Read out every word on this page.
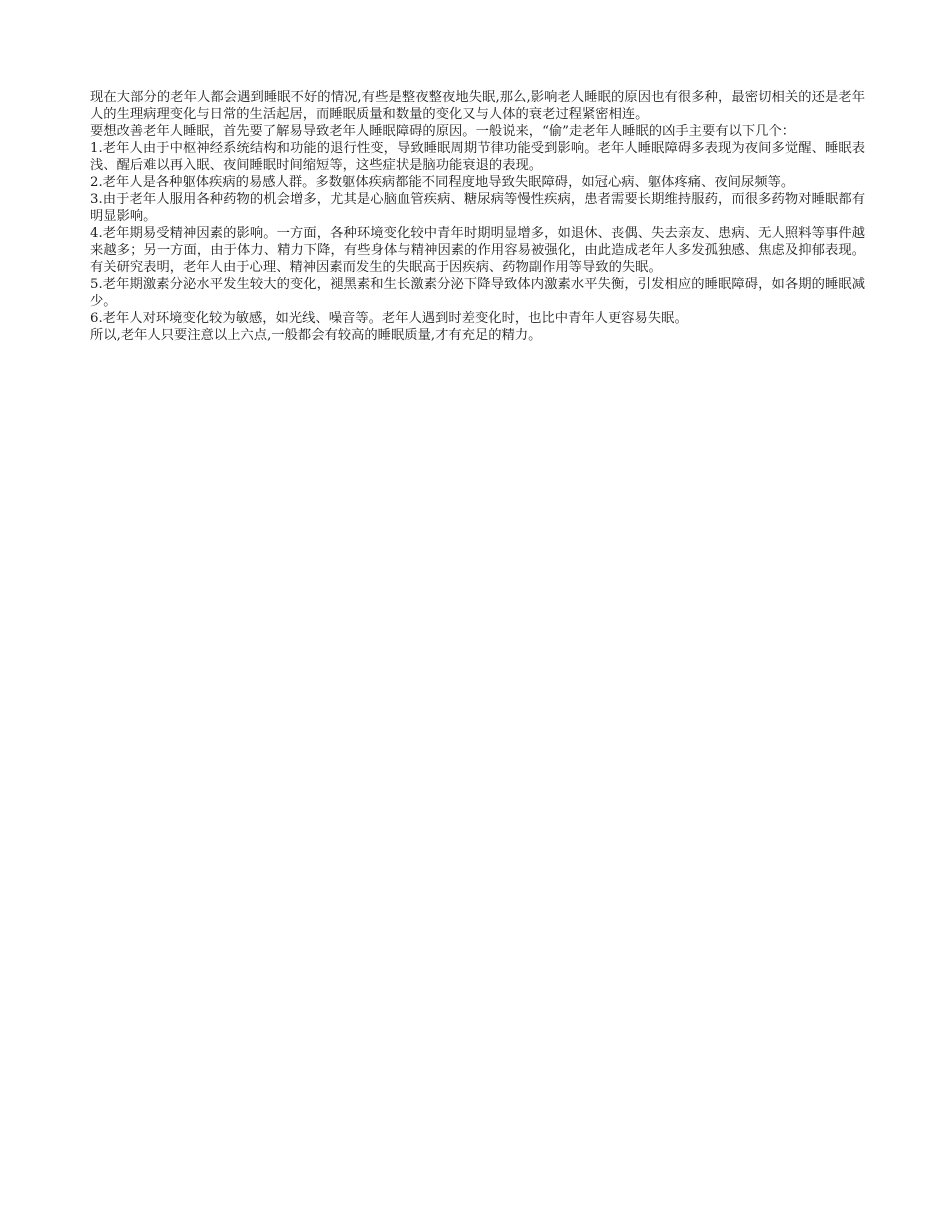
现在大部分的老年人都会遇到睡眠不好的情况,有些是整夜整夜地失眠,那么,影响老人睡眠的原因也有很多种，最密切相关的还是老年人的生理病理变化与日常的生活起居，而睡眠质量和数量的变化又与人体的衰老过程紧密相连。

要想改善老年人睡眠，首先要了解易导致老年人睡眠障碍的原因。一般说来，“偷”走老年人睡眠的凶手主要有以下几个：

1.老年人由于中枢神经系统结构和功能的退行性变，导致睡眠周期节律功能受到影响。老年人睡眠障碍多表现为夜间多觉醒、睡眠表浅、醒后难以再入眠、夜间睡眠时间缩短等，这些症状是脑功能衰退的表现。

2.老年人是各种躯体疾病的易感人群。多数躯体疾病都能不同程度地导致失眠障碍，如冠心病、躯体疼痛、夜间尿频等。

3.由于老年人服用各种药物的机会增多，尤其是心脑血管疾病、糖尿病等慢性疾病，患者需要长期维持服药，而很多药物对睡眠都有明显影响。

4.老年期易受精神因素的影响。一方面，各种环境变化较中青年时期明显增多，如退休、丧偶、失去亲友、患病、无人照料等事件越来越多；另一方面，由于体力、精力下降，有些身体与精神因素的作用容易被强化，由此造成老年人多发孤独感、焦虑及抑郁表现。有关研究表明，老年人由于心理、精神因素而发生的失眠高于因疾病、药物副作用等导致的失眠。

5.老年期激素分泌水平发生较大的变化，褪黑素和生长激素分泌下降导致体内激素水平失衡，引发相应的睡眠障碍，如各期的睡眠减少。

6.老年人对环境变化较为敏感，如光线、噪音等。老年人遇到时差变化时，也比中青年人更容易失眠。

所以,老年人只要注意以上六点,一般都会有较高的睡眠质量,才有充足的精力。
